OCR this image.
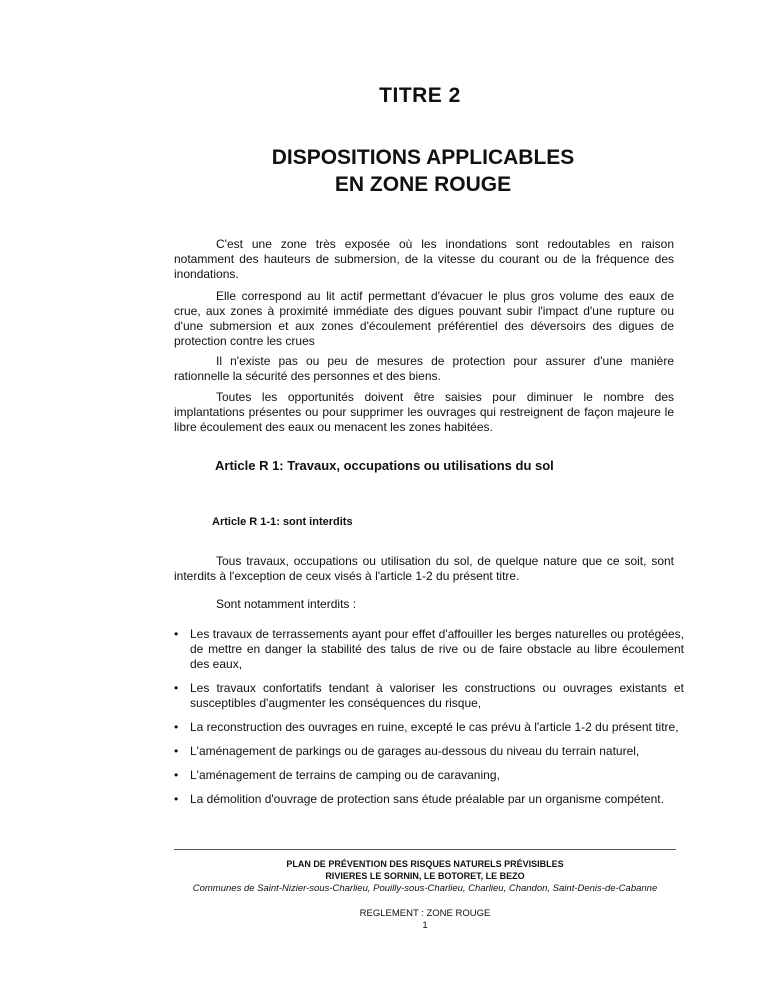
TITRE 2
DISPOSITIONS APPLICABLES
EN ZONE ROUGE

C'est une zone très exposée où les inondations sont redoutables en raison notamment des hauteurs de submersion, de la vitesse du courant ou de la fréquence des inondations.

Elle correspond au lit actif permettant d'évacuer le plus gros volume des eaux de crue, aux zones à proximité immédiate des digues pouvant subir l'impact d'une rupture ou d'une submersion et aux zones d'écoulement préférentiel des déversoirs des digues de protection contre les crues

Il n'existe pas ou peu de mesures de protection pour assurer d'une manière rationnelle la sécurité des personnes et des biens.

Toutes les opportunités doivent être saisies pour diminuer le nombre des implantations présentes ou pour supprimer les ouvrages qui restreignent de façon majeure le libre écoulement des eaux ou menacent les zones habitées.

Article R 1: Travaux, occupations ou utilisations du sol
Article R 1-1: sont interdits

Tous travaux, occupations ou utilisation du sol, de quelque nature que ce soit, sont interdits à l'exception de ceux visés à l'article 1-2 du présent titre.

Sont notamment interdits :

• Les travaux de terrassements ayant pour effet d'affouiller les berges naturelles ou protégées, de mettre en danger la stabilité des talus de rive ou de faire obstacle au libre écoulement des eaux,
• Les travaux confortatifs tendant à valoriser les constructions ou ouvrages existants et susceptibles d'augmenter les conséquences du risque,
• La reconstruction des ouvrages en ruine, excepté le cas prévu à l'article 1-2 du présent titre,
• L'aménagement de parkings ou de garages au-dessous du niveau du terrain naturel,
• L'aménagement de terrains de camping ou de caravaning,
• La démolition d'ouvrage de protection sans étude préalable par un organisme compétent.
PLAN DE PRÉVENTION DES RISQUES NATURELS PRÉVISIBLES
RIVIERES LE SORNIN, LE BOTORET, LE BEZO
Communes de Saint-Nizier-sous-Charlieu, Pouilly-sous-Charlieu, Charlieu, Chandon, Saint-Denis-de-Cabanne
REGLEMENT : ZONE ROUGE
1
